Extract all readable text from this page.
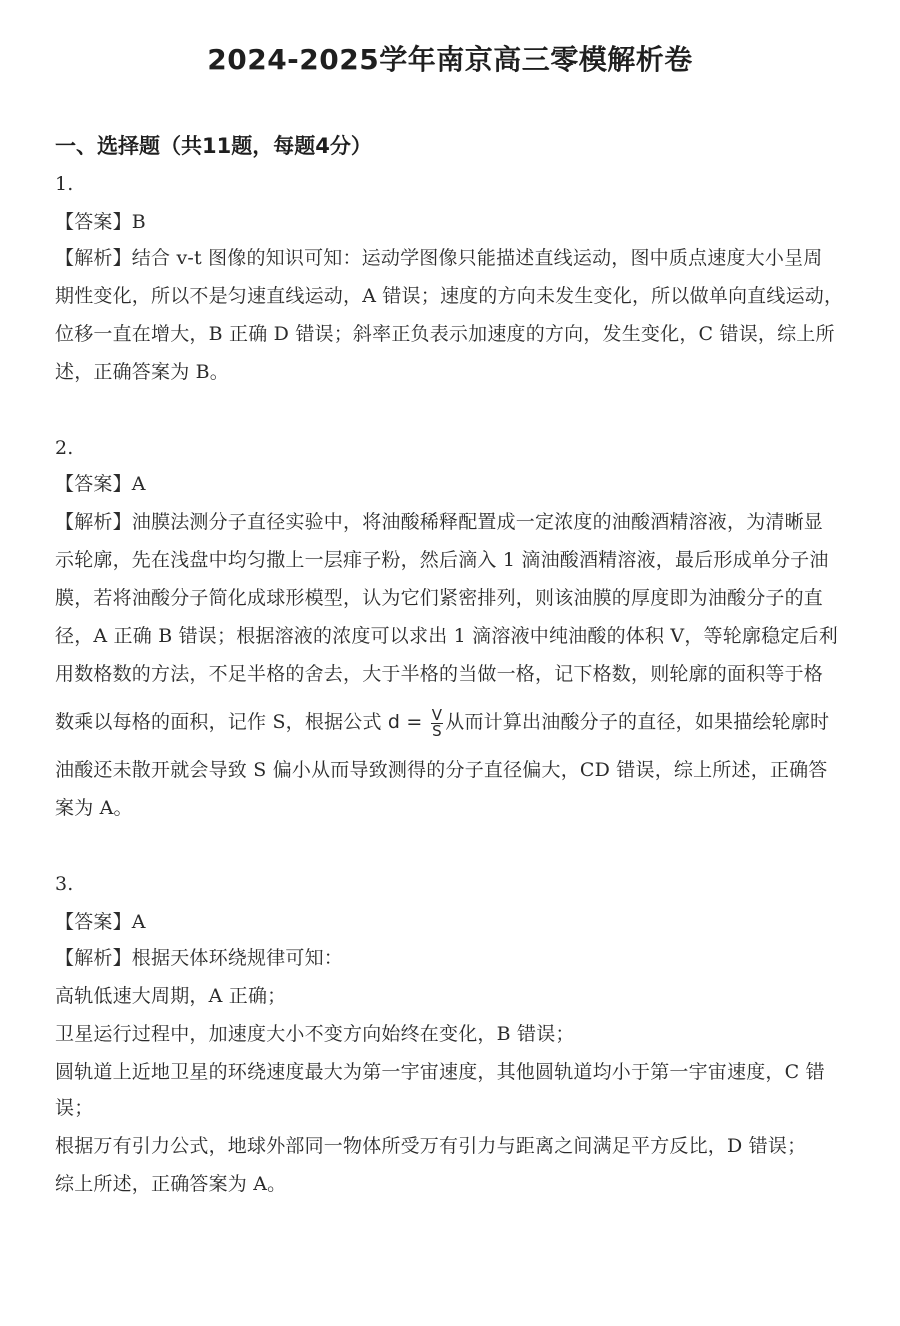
2024-2025学年南京高三零模解析卷
一、选择题（共11题，每题4分）
1.
【答案】B
【解析】结合 v-t 图像的知识可知：运动学图像只能描述直线运动，图中质点速度大小呈周
期性变化，所以不是匀速直线运动，A 错误；速度的方向未发生变化，所以做单向直线运动，
位移一直在增大，B 正确 D 错误；斜率正负表示加速度的方向，发生变化，C 错误，综上所
述，正确答案为 B。
2.
【答案】A
【解析】油膜法测分子直径实验中，将油酸稀释配置成一定浓度的油酸酒精溶液，为清晰显
示轮廓，先在浅盘中均匀撒上一层痱子粉，然后滴入 1 滴油酸酒精溶液，最后形成单分子油
膜，若将油酸分子简化成球形模型，认为它们紧密排列，则该油膜的厚度即为油酸分子的直
径，A 正确 B 错误；根据溶液的浓度可以求出 1 滴溶液中纯油酸的体积 V，等轮廓稳定后利
用数格数的方法，不足半格的舍去，大于半格的当做一格，记下格数，则轮廓的面积等于格
数乘以每格的面积，记作 S，根据公式 $d = \frac{V}{S}$ 从而计算出油酸分子的直径，如果描绘轮廓时
油酸还未散开就会导致 S 偏小从而导致测得的分子直径偏大，CD 错误，综上所述，正确答
案为 A。
3.
【答案】A
【解析】根据天体环绕规律可知：
高轨低速大周期，A 正确；
卫星运行过程中，加速度大小不变方向始终在变化，B 错误；
圆轨道上近地卫星的环绕速度最大为第一宇宙速度，其他圆轨道均小于第一宇宙速度，C 错
误；
根据万有引力公式，地球外部同一物体所受万有引力与距离之间满足平方反比，D 错误；
综上所述，正确答案为 A。
